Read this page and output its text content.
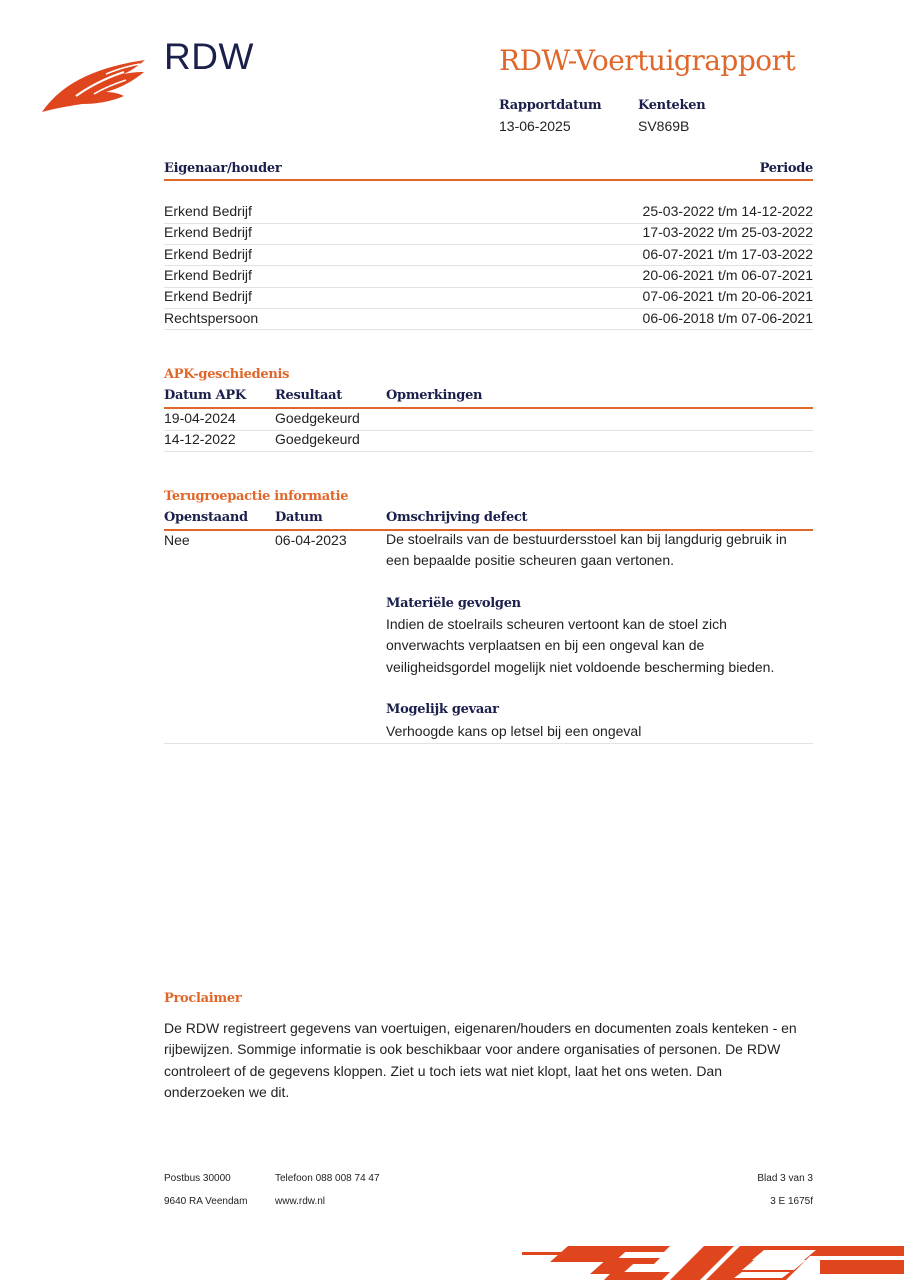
RDW	RDW-Voertuigrapport
Rapportdatum
13-06-2025
Kenteken
SV869B
Eigenaar/houder	Periode
Erkend Bedrijf	25-03-2022 t/m 14-12-2022
Erkend Bedrijf	17-03-2022 t/m 25-03-2022
Erkend Bedrijf	06-07-2021 t/m 17-03-2022
Erkend Bedrijf	20-06-2021 t/m 06-07-2021
Erkend Bedrijf	07-06-2021 t/m 20-06-2021
Rechtspersoon	06-06-2018 t/m 07-06-2021
APK-geschiedenis
Datum APK Resultaat	Opmerkingen
19-04-2024	Goedgekeurd
14-12-2022	Goedgekeurd
Terugroepactie informatie
Openstaand Datum	Omschrijving defect
Nee	06-04-2023	De stoelrails van de bestuurdersstoel kan bij langdurig gebruik in een bepaalde positie scheuren gaan vertonen.
Materiële gevolgen
Indien de stoelrails scheuren vertoont kan de stoel zich onverwachts verplaatsen en bij een ongeval kan de veiligheidsgordel mogelijk niet voldoende bescherming bieden.
Mogelijk gevaar
Verhoogde kans op letsel bij een ongeval
Proclaimer
De RDW registreert gegevens van voertuigen, eigenaren/houders en documenten zoals kenteken - en rijbewijzen. Sommige informatie is ook beschikbaar voor andere organisaties of personen. De RDW controleert of de gegevens kloppen. Ziet u toch iets wat niet klopt, laat het ons weten. Dan onderzoeken we dit.
Postbus 30000
9640 RA Veendam
Telefoon 088 008 74 47
www.rdw.nl
Blad 3 van 3
3 E 1675f
